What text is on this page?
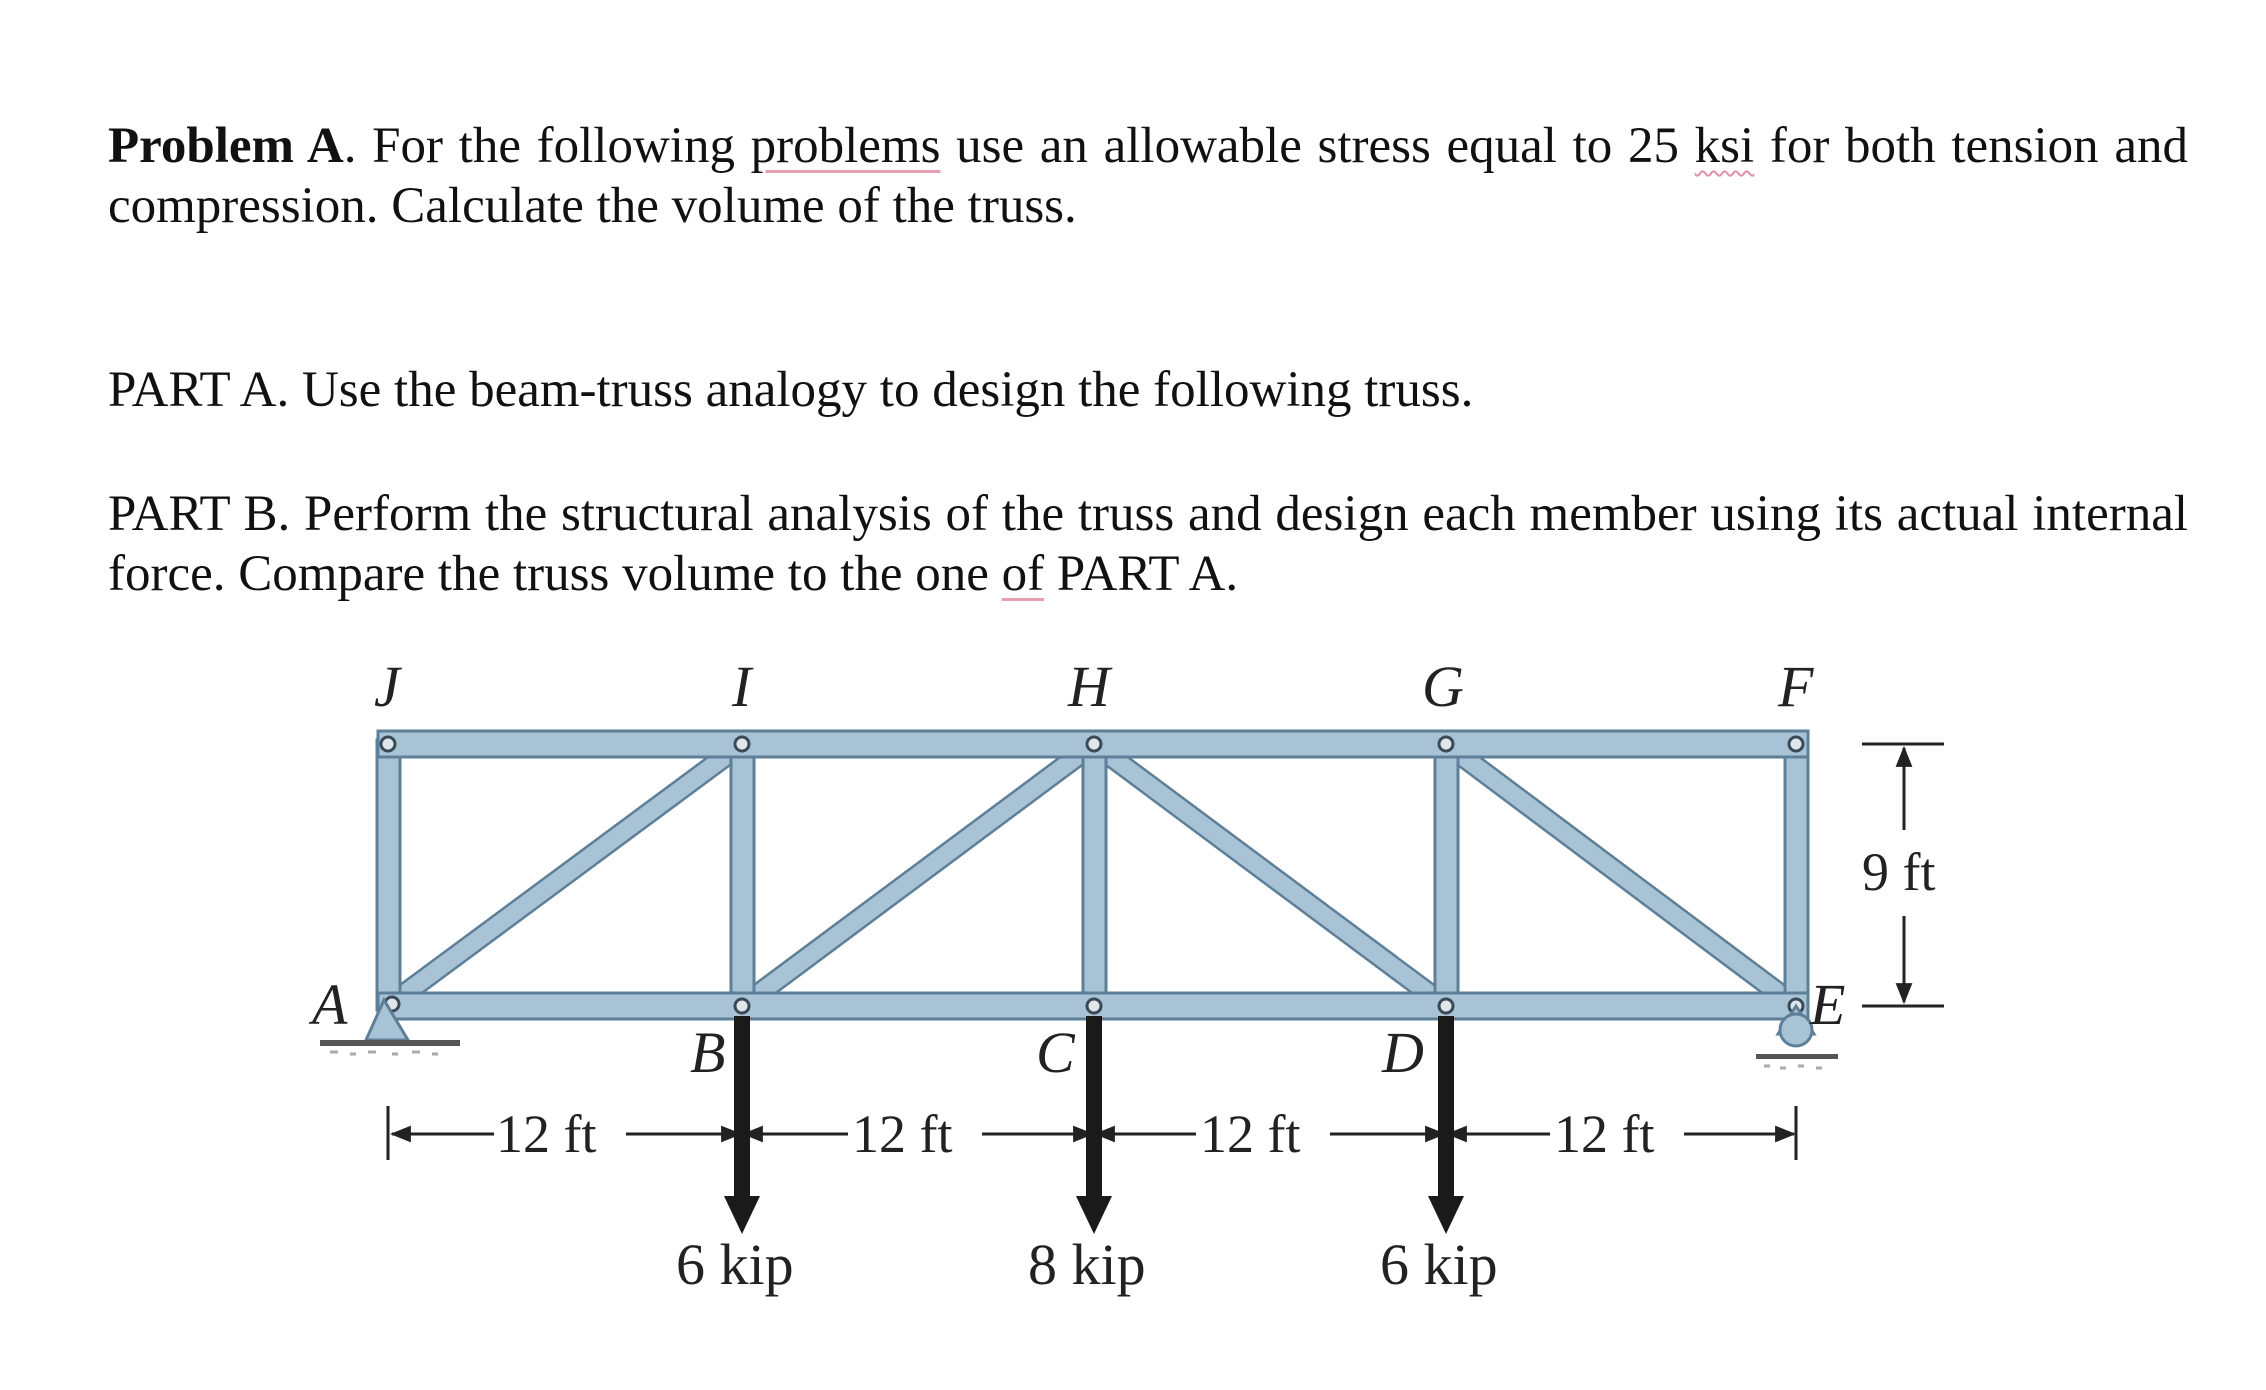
Problem A. For the following problems use an allowable stress equal to 25 ksi for both tension and compression. Calculate the volume of the truss.
PART A. Use the beam-truss analogy to design the following truss.
PART B. Perform the structural analysis of the truss and design each member using its actual internal force. Compare the truss volume to the one of PART A.
J	I	H	G	F
A
B	C	D
E
12 ft	12 ft	12 ft	12 ft
9 ft
6 kip	8 kip	6 kip
